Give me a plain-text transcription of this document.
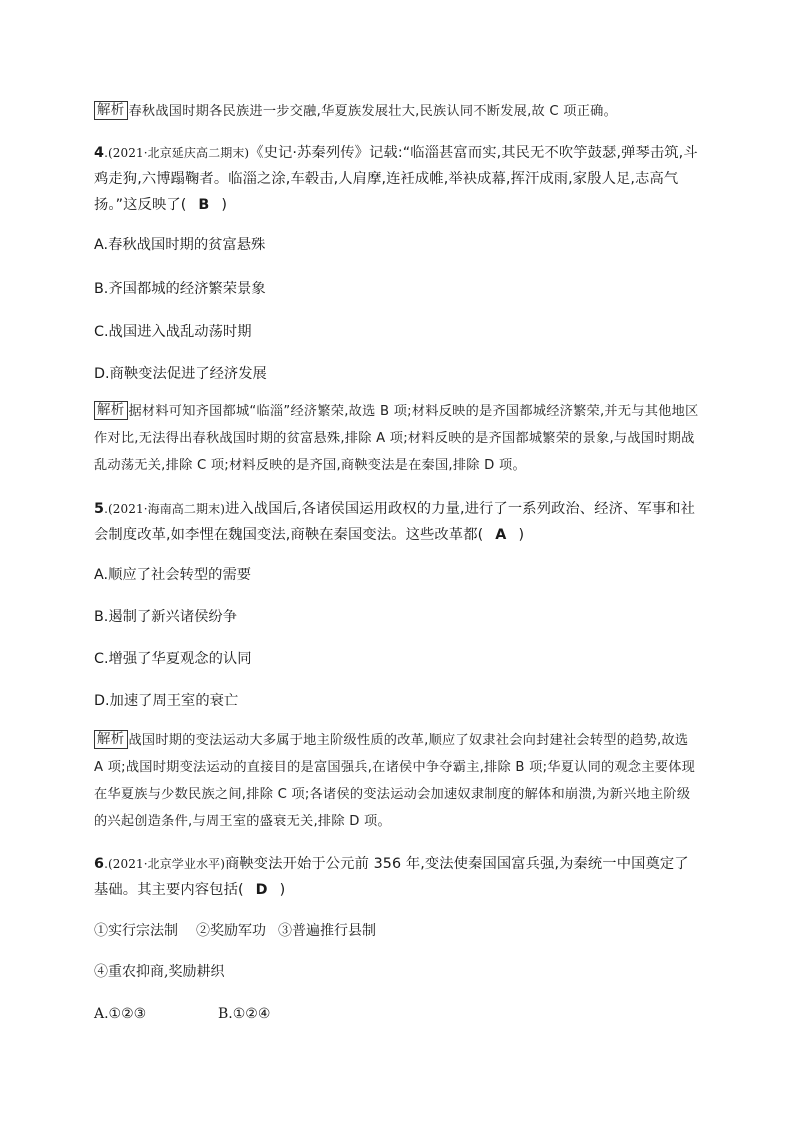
解析 春秋战国时期各民族进一步交融,华夏族发展壮大,民族认同不断发展,故 C 项正确。
4.(2021·北京延庆高二期末)《史记·苏秦列传》记载:“临淄甚富而实,其民无不吹竽鼓瑟,弹琴击筑,斗鸡走狗,六博蹋鞠者。临淄之涂,车毂击,人肩摩,连衽成帷,举袂成幕,挥汗成雨,家殷人足,志高气扬。”这反映了( B )
A.春秋战国时期的贫富悬殊
B.齐国都城的经济繁荣景象
C.战国进入战乱动荡时期
D.商鞅变法促进了经济发展
解析 据材料可知齐国都城“临淄”经济繁荣,故选 B 项;材料反映的是齐国都城经济繁荣,并无与其他地区作对比,无法得出春秋战国时期的贫富悬殊,排除 A 项;材料反映的是齐国都城繁荣的景象,与战国时期战乱动荡无关,排除 C 项;材料反映的是齐国,商鞅变法是在秦国,排除 D 项。
5.(2021·海南高二期末)进入战国后,各诸侯国运用政权的力量,进行了一系列政治、经济、军事和社会制度改革,如李悝在魏国变法,商鞅在秦国变法。这些改革都( A )
A.顺应了社会转型的需要
B.遏制了新兴诸侯纷争
C.增强了华夏观念的认同
D.加速了周王室的衰亡
解析 战国时期的变法运动大多属于地主阶级性质的改革,顺应了奴隶社会向封建社会转型的趋势,故选 A 项;战国时期变法运动的直接目的是富国强兵,在诸侯中争夺霸主,排除 B 项;华夏认同的观念主要体现在华夏族与少数民族之间,排除 C 项;各诸侯的变法运动会加速奴隶制度的解体和崩溃,为新兴地主阶级的兴起创造条件,与周王室的盛衰无关,排除 D 项。
6.(2021·北京学业水平)商鞅变法开始于公元前 356 年,变法使秦国国富兵强,为秦统一中国奠定了基础。其主要内容包括( D )
①实行宗法制 ②奖励军功 ③普遍推行县制
④重农抑商,奖励耕织
A.①②③	B.①②④
